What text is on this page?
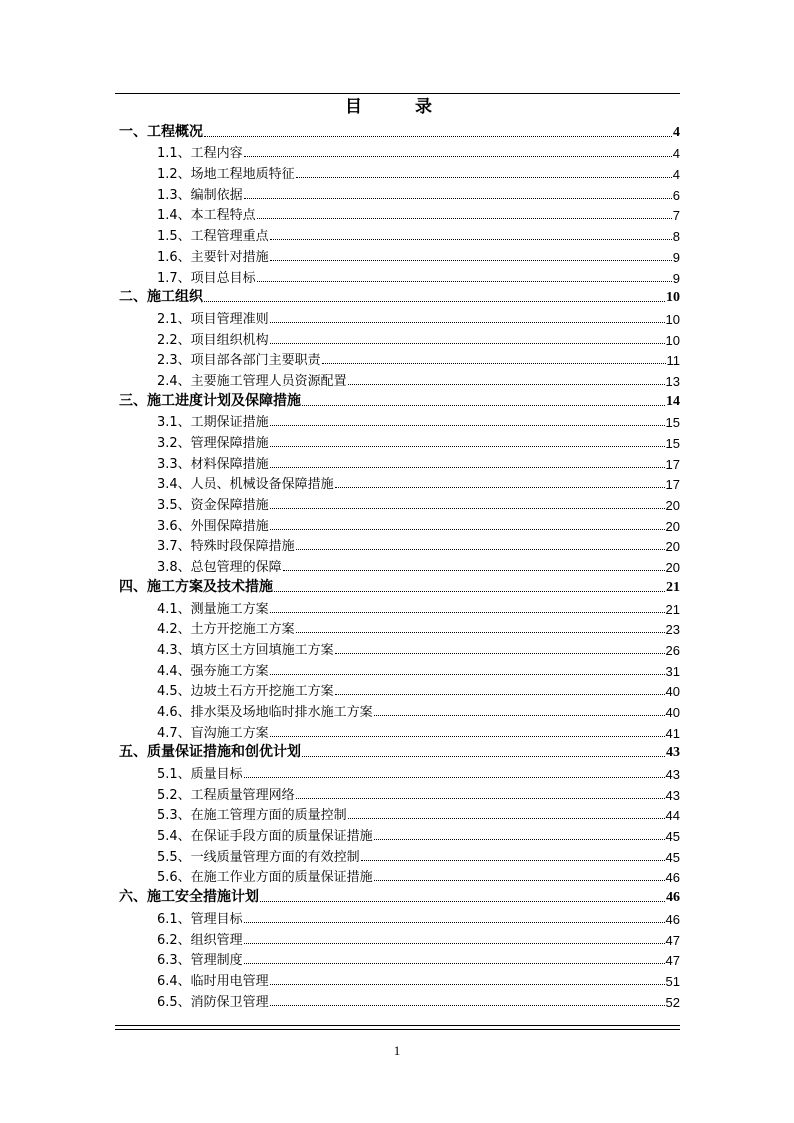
目　录
一、工程概况	4
1.1、工程内容	4
1.2、场地工程地质特征	4
1.3、编制依据	6
1.4、本工程特点	7
1.5、工程管理重点	8
1.6、主要针对措施	9
1.7、项目总目标	9
二、施工组织	10
2.1、项目管理准则	10
2.2、项目组织机构	10
2.3、项目部各部门主要职责	11
2.4、主要施工管理人员资源配置	13
三、施工进度计划及保障措施	14
3.1、工期保证措施	15
3.2、管理保障措施	15
3.3、材料保障措施	17
3.4、人员、机械设备保障措施	17
3.5、资金保障措施	20
3.6、外围保障措施	20
3.7、特殊时段保障措施	20
3.8、总包管理的保障	20
四、施工方案及技术措施	21
4.1、测量施工方案	21
4.2、土方开挖施工方案	23
4.3、填方区土方回填施工方案	26
4.4、强夯施工方案	31
4.5、边坡土石方开挖施工方案	40
4.6、排水渠及场地临时排水施工方案	40
4.7、盲沟施工方案	41
五、质量保证措施和创优计划	43
5.1、质量目标	43
5.2、工程质量管理网络	43
5.3、在施工管理方面的质量控制	44
5.4、在保证手段方面的质量保证措施	45
5.5、一线质量管理方面的有效控制	45
5.6、在施工作业方面的质量保证措施	46
六、施工安全措施计划	46
6.1、管理目标	46
6.2、组织管理	47
6.3、管理制度	47
6.4、临时用电管理	51
6.5、消防保卫管理	52
1
